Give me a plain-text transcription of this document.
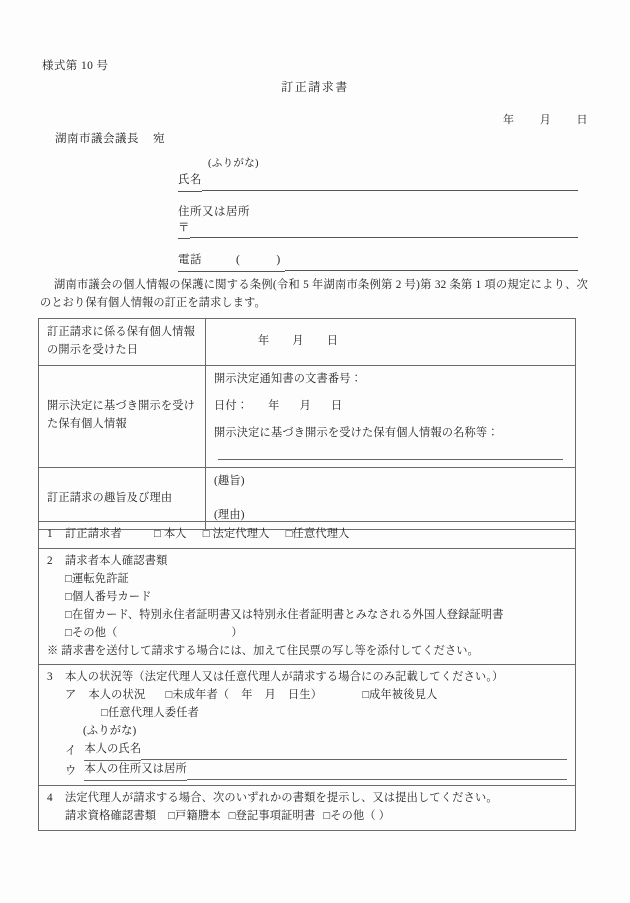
様式第 10 号
訂正請求書
年 月 日
湖南市議会議長 宛
(ふりがな)
氏名
住所又は居所
〒
電話	(	)
湖南市議会の個人情報の保護に関する条例(令和 5 年湖南市条例第 2 号)第 32 条第 1 項の規定により、次のとおり保有個人情報の訂正を請求します。
訂正請求に係る保有個人情報の開示を受けた日	年 月 日

開示決定に基づき開示を受けた保有個人情報	開示決定通知書の文書番号：
日付： 年 月 日
開示決定に基づき開示を受けた保有個人情報の名称等：

訂正請求の趣旨及び理由	(趣旨)
(理由)
1 訂正請求者	□ 本人 □ 法定代理人 □任意代理人

2 請求者本人確認書類
□運転免許証
□個人番号カード
□在留カード、特別永住者証明書又は特別永住者証明書とみなされる外国人登録証明書
□その他（　　　　　　　　　　）
※ 請求書を送付して請求する場合には、加えて住民票の写し等を添付してください。

3 本人の状況等（法定代理人又は任意代理人が請求する場合にのみ記載してください。）
ア 本人の状況 □未成年者（ 年 月 日生）	□成年被後見人
□任意代理人委任者
(ふりがな)
イ 本人の氏名
ウ 本人の住所又は居所

4 法定代理人が請求する場合、次のいずれかの書類を提示し、又は提出してください。
請求資格確認書類 □戸籍謄本 □登記事項証明書 □その他（ ）
